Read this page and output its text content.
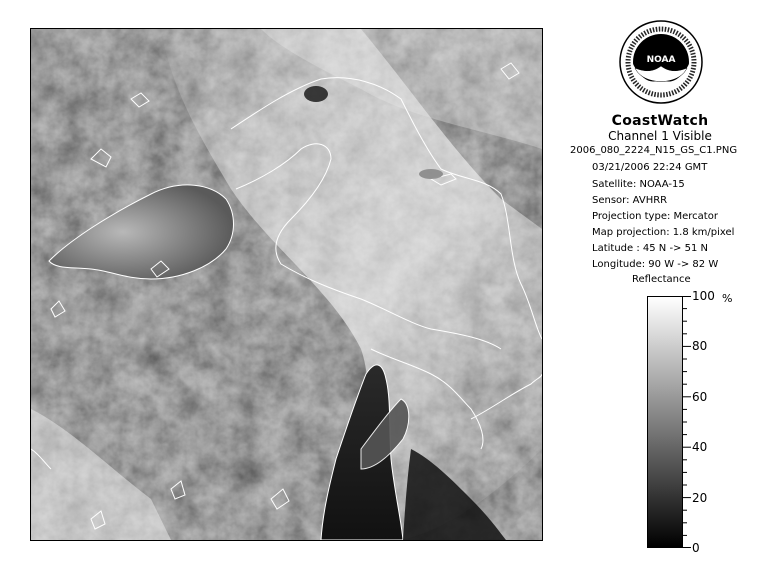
NOAA
CoastWatch
Channel 1 Visible
2006_080_2224_N15_GS_C1.PNG
03/21/2006 22:24 GMT
Satellite: NOAA-15
Sensor: AVHRR
Projection type: Mercator
Map projection: 1.8 km/pixel
Latitude : 45 N -> 51 N
Longitude: 90 W -> 82 W
Reflectance
100
80
60
40
20
0
%
